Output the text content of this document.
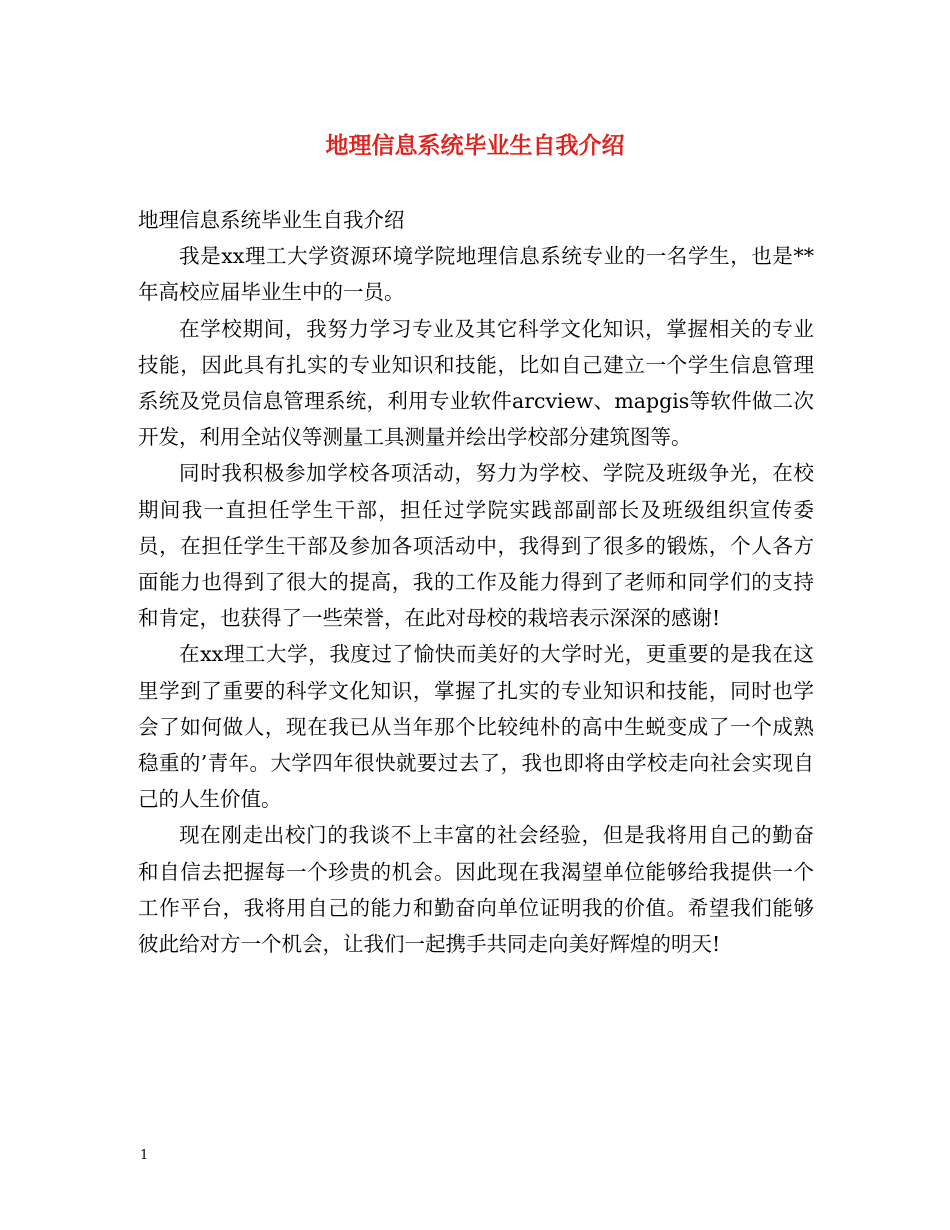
地理信息系统毕业生自我介绍

地理信息系统毕业生自我介绍

我是xx理工大学资源环境学院地理信息系统专业的一名学生，也是**年高校应届毕业生中的一员。

在学校期间，我努力学习专业及其它科学文化知识，掌握相关的专业技能，因此具有扎实的专业知识和技能，比如自己建立一个学生信息管理系统及党员信息管理系统，利用专业软件arcview、mapgis等软件做二次开发，利用全站仪等测量工具测量并绘出学校部分建筑图等。

同时我积极参加学校各项活动，努力为学校、学院及班级争光，在校期间我一直担任学生干部，担任过学院实践部副部长及班级组织宣传委员，在担任学生干部及参加各项活动中，我得到了很多的锻炼，个人各方面能力也得到了很大的提高，我的工作及能力得到了老师和同学们的支持和肯定，也获得了一些荣誉，在此对母校的栽培表示深深的感谢!

在xx理工大学，我度过了愉快而美好的大学时光，更重要的是我在这里学到了重要的科学文化知识，掌握了扎实的专业知识和技能，同时也学会了如何做人，现在我已从当年那个比较纯朴的高中生蜕变成了一个成熟稳重的’青年。大学四年很快就要过去了，我也即将由学校走向社会实现自己的人生价值。

现在刚走出校门的我谈不上丰富的社会经验，但是我将用自己的勤奋和自信去把握每一个珍贵的机会。因此现在我渴望单位能够给我提供一个工作平台，我将用自己的能力和勤奋向单位证明我的价值。希望我们能够彼此给对方一个机会，让我们一起携手共同走向美好辉煌的明天!

1
